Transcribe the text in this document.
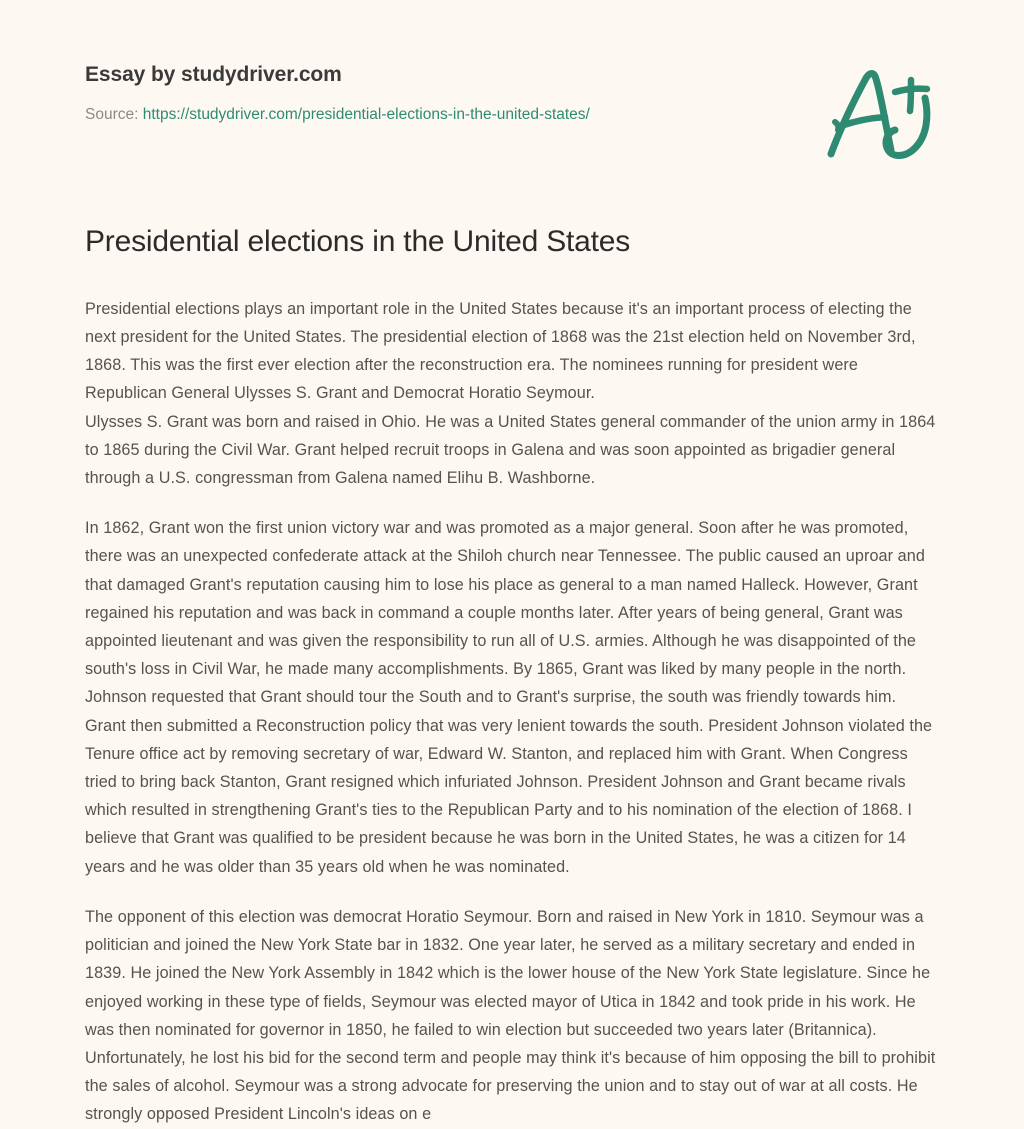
Essay by studydriver.com
Source: https://studydriver.com/presidential-elections-in-the-united-states/
Presidential elections in the United States

Presidential elections plays an important role in the United States because it's an important process of electing the next president for the United States. The presidential election of 1868 was the 21st election held on November 3rd, 1868. This was the first ever election after the reconstruction era. The nominees running for president were Republican General Ulysses S. Grant and Democrat Horatio Seymour.

Ulysses S. Grant was born and raised in Ohio. He was a United States general commander of the union army in 1864 to 1865 during the Civil War. Grant helped recruit troops in Galena and was soon appointed as brigadier general through a U.S. congressman from Galena named Elihu B. Washborne.

In 1862, Grant won the first union victory war and was promoted as a major general. Soon after he was promoted, there was an unexpected confederate attack at the Shiloh church near Tennessee. The public caused an uproar and that damaged Grant's reputation causing him to lose his place as general to a man named Halleck. However, Grant regained his reputation and was back in command a couple months later. After years of being general, Grant was appointed lieutenant and was given the responsibility to run all of U.S. armies. Although he was disappointed of the south's loss in Civil War, he made many accomplishments. By 1865, Grant was liked by many people in the north. Johnson requested that Grant should tour the South and to Grant's surprise, the south was friendly towards him. Grant then submitted a Reconstruction policy that was very lenient towards the south. President Johnson violated the Tenure office act by removing secretary of war, Edward W. Stanton, and replaced him with Grant. When Congress tried to bring back Stanton, Grant resigned which infuriated Johnson. President Johnson and Grant became rivals which resulted in strengthening Grant's ties to the Republican Party and to his nomination of the election of 1868. I believe that Grant was qualified to be president because he was born in the United States, he was a citizen for 14 years and he was older than 35 years old when he was nominated.

The opponent of this election was democrat Horatio Seymour. Born and raised in New York in 1810. Seymour was a politician and joined the New York State bar in 1832. One year later, he served as a military secretary and ended in 1839. He joined the New York Assembly in 1842 which is the lower house of the New York State legislature. Since he enjoyed working in these type of fields, Seymour was elected mayor of Utica in 1842 and took pride in his work. He was then nominated for governor in 1850, he failed to win election but succeeded two years later (Britannica). Unfortunately, he lost his bid for the second term and people may think it's because of him opposing the bill to prohibit the sales of alcohol. Seymour was a strong advocate for preserving the union and to stay out of war at all costs. He strongly opposed President Lincoln's ideas on e
